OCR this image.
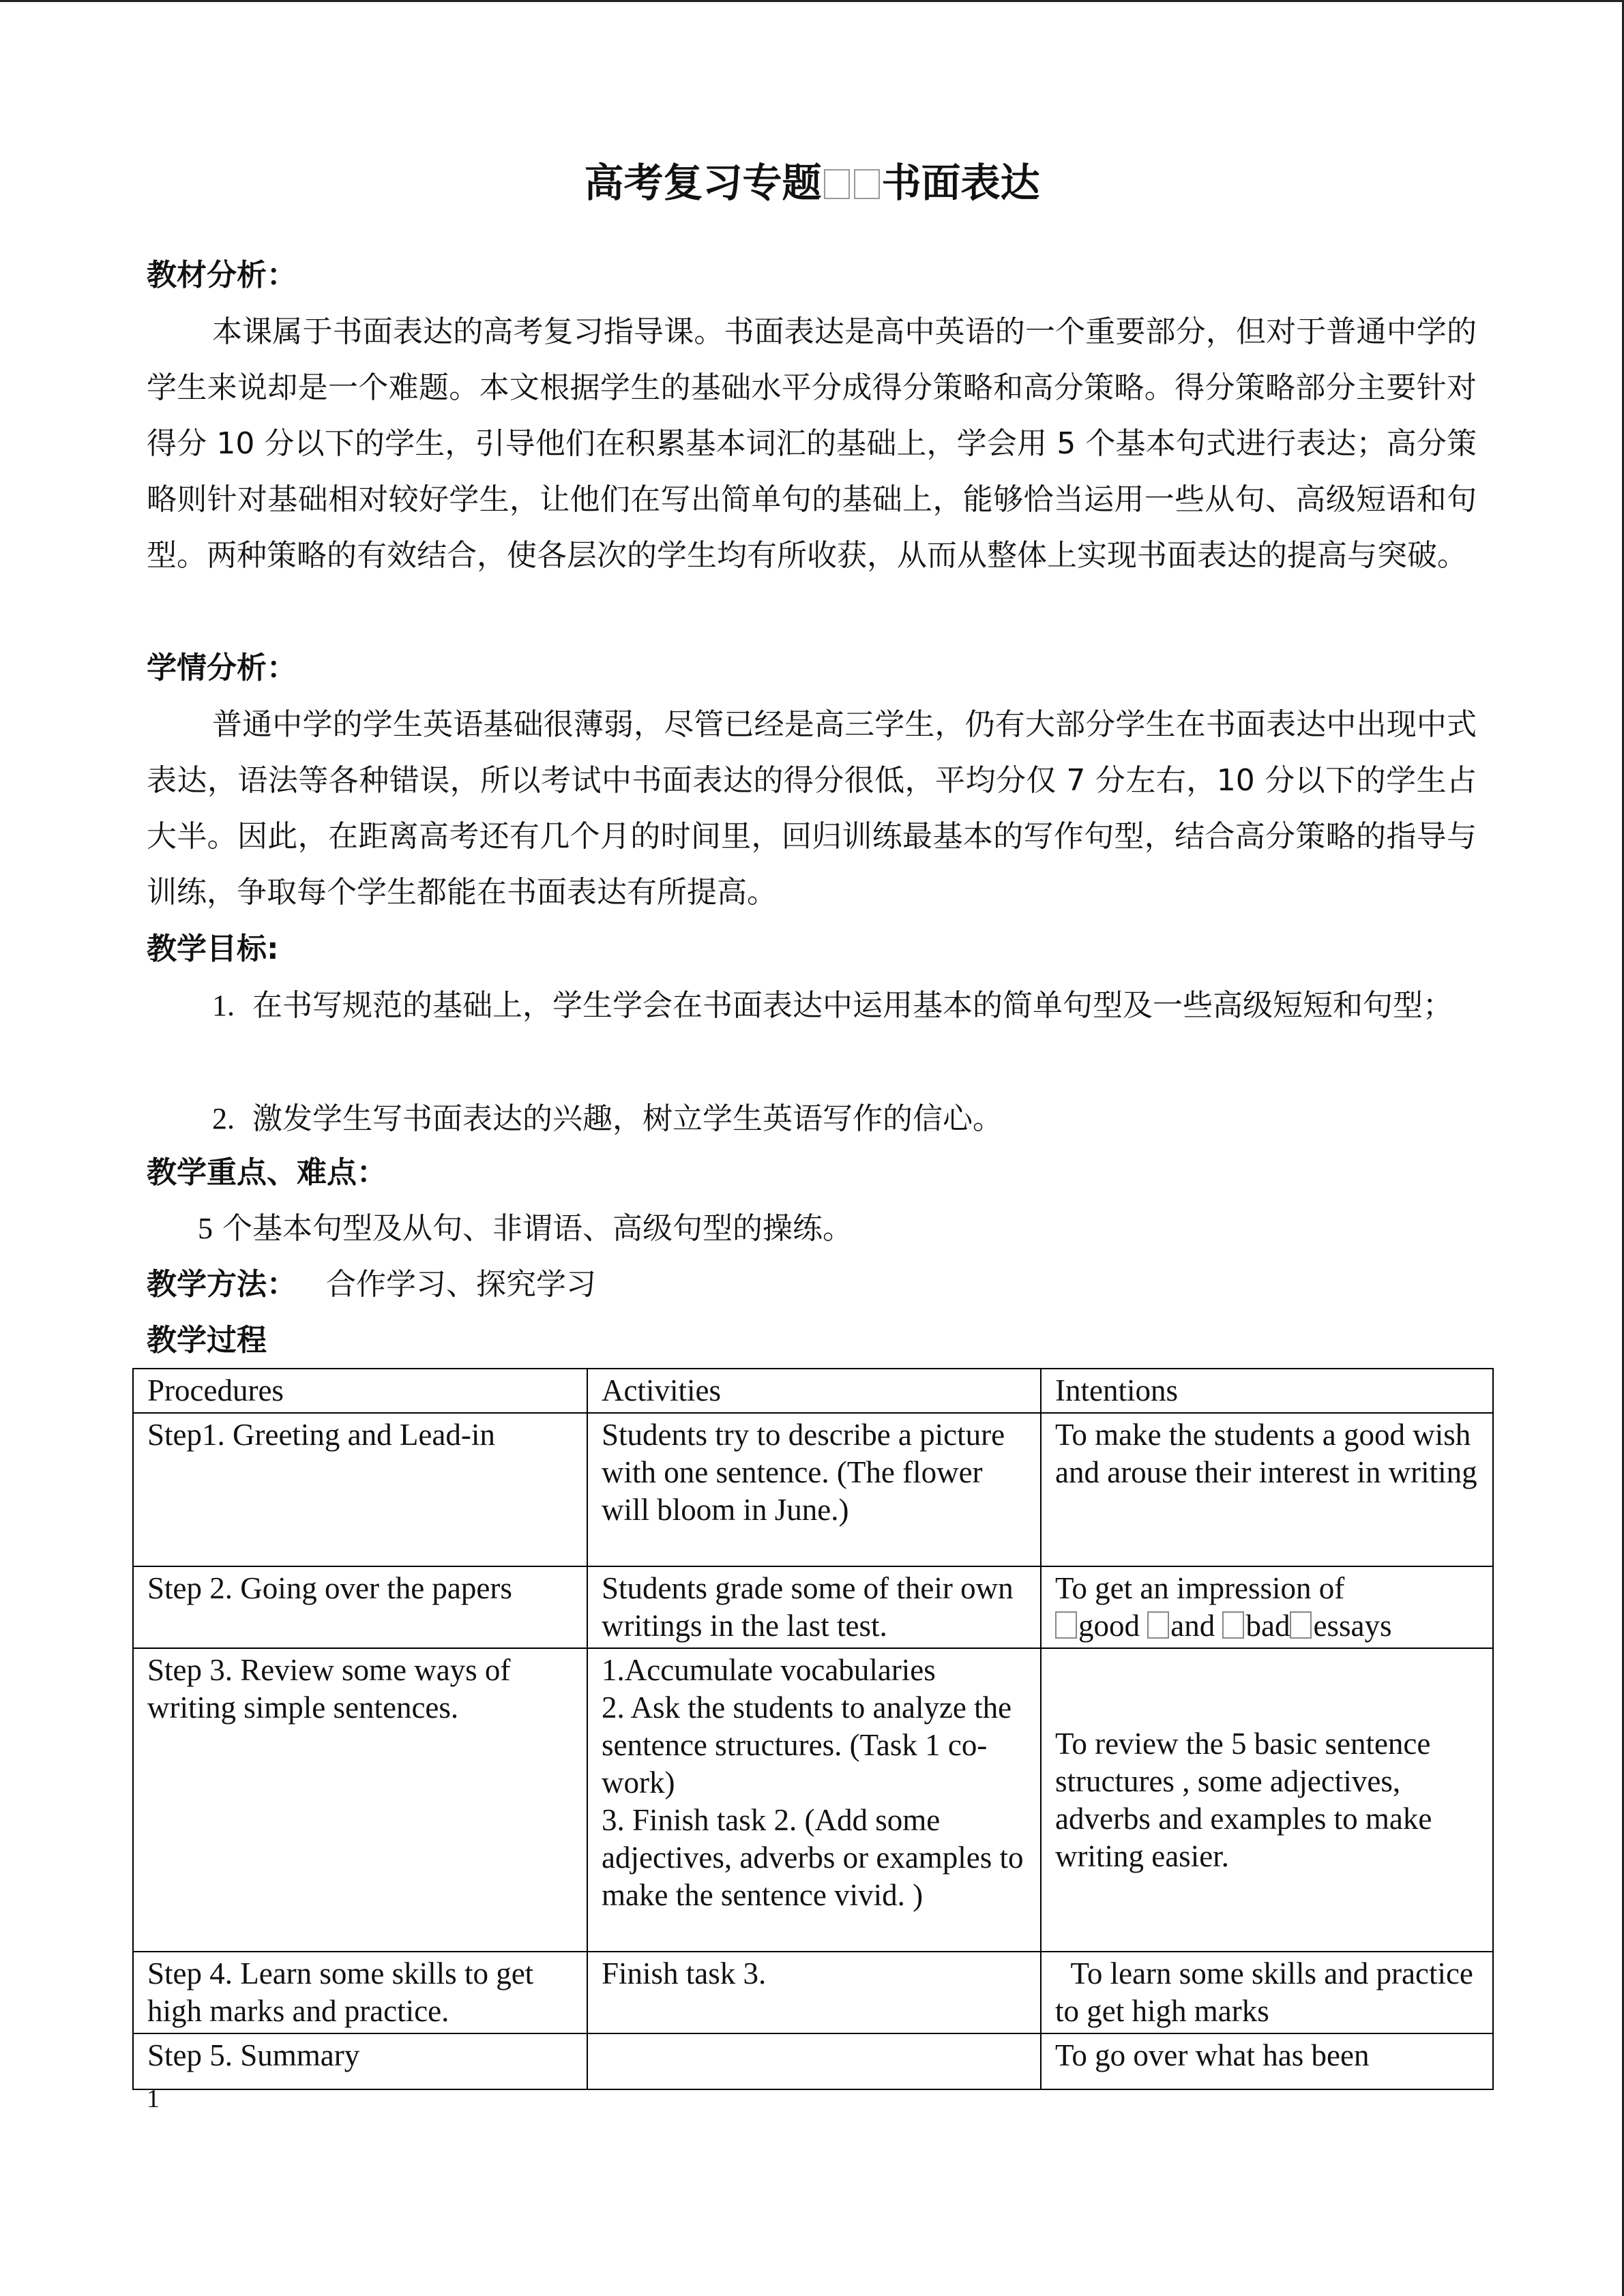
高考复习专题 书面表达
教材分析：
本课属于书面表达的高考复习指导课。书面表达是高中英语的一个重要部分，但对于普通中学的学生来说却是一个难题。本文根据学生的基础水平分成得分策略和高分策略。得分策略部分主要针对得分 10 分以下的学生，引导他们在积累基本词汇的基础上，学会用 5 个基本句式进行表达；高分策略则针对基础相对较好学生，让他们在写出简单句的基础上，能够恰当运用一些从句、高级短语和句型。两种策略的有效结合，使各层次的学生均有所收获，从而从整体上实现书面表达的提高与突破。
学情分析：
普通中学的学生英语基础很薄弱，尽管已经是高三学生，仍有大部分学生在书面表达中出现中式表达，语法等各种错误，所以考试中书面表达的得分很低，平均分仅 7 分左右，10 分以下的学生占大半。因此，在距离高考还有几个月的时间里，回归训练最基本的写作句型，结合高分策略的指导与训练，争取每个学生都能在书面表达有所提高。
教学目标:
1. 在书写规范的基础上，学生学会在书面表达中运用基本的简单句型及一些高级短短和句型；
2. 激发学生写书面表达的兴趣，树立学生英语写作的信心。
教学重点、难点：
5 个基本句型及从句、非谓语、高级句型的操练。
教学方法： 合作学习、探究学习
教学过程
Procedures	Activities	Intentions
Step1. Greeting and Lead-in	Students try to describe a picture with one sentence. (The flower will bloom in June.)	To make the students a good wish and arouse their interest in writing
Step 2. Going over the papers	Students grade some of their own writings in the last test.	To get an impression of
good and bad essays

Step 3. Review some ways of writing simple sentences.	1.Accumulate vocabularies
2. Ask the students to analyze the sentence structures. (Task 1 co-work)
3. Finish task 2. (Add some adjectives, adverbs or examples to make the sentence vivid. )	To review the 5 basic sentence structures , some adjectives, adverbs and examples to make writing easier.
Step 4. Learn some skills to get high marks and practice.	Finish task 3.	To learn some skills and practice to get high marks
Step 5. Summary		To go over what has been
1
